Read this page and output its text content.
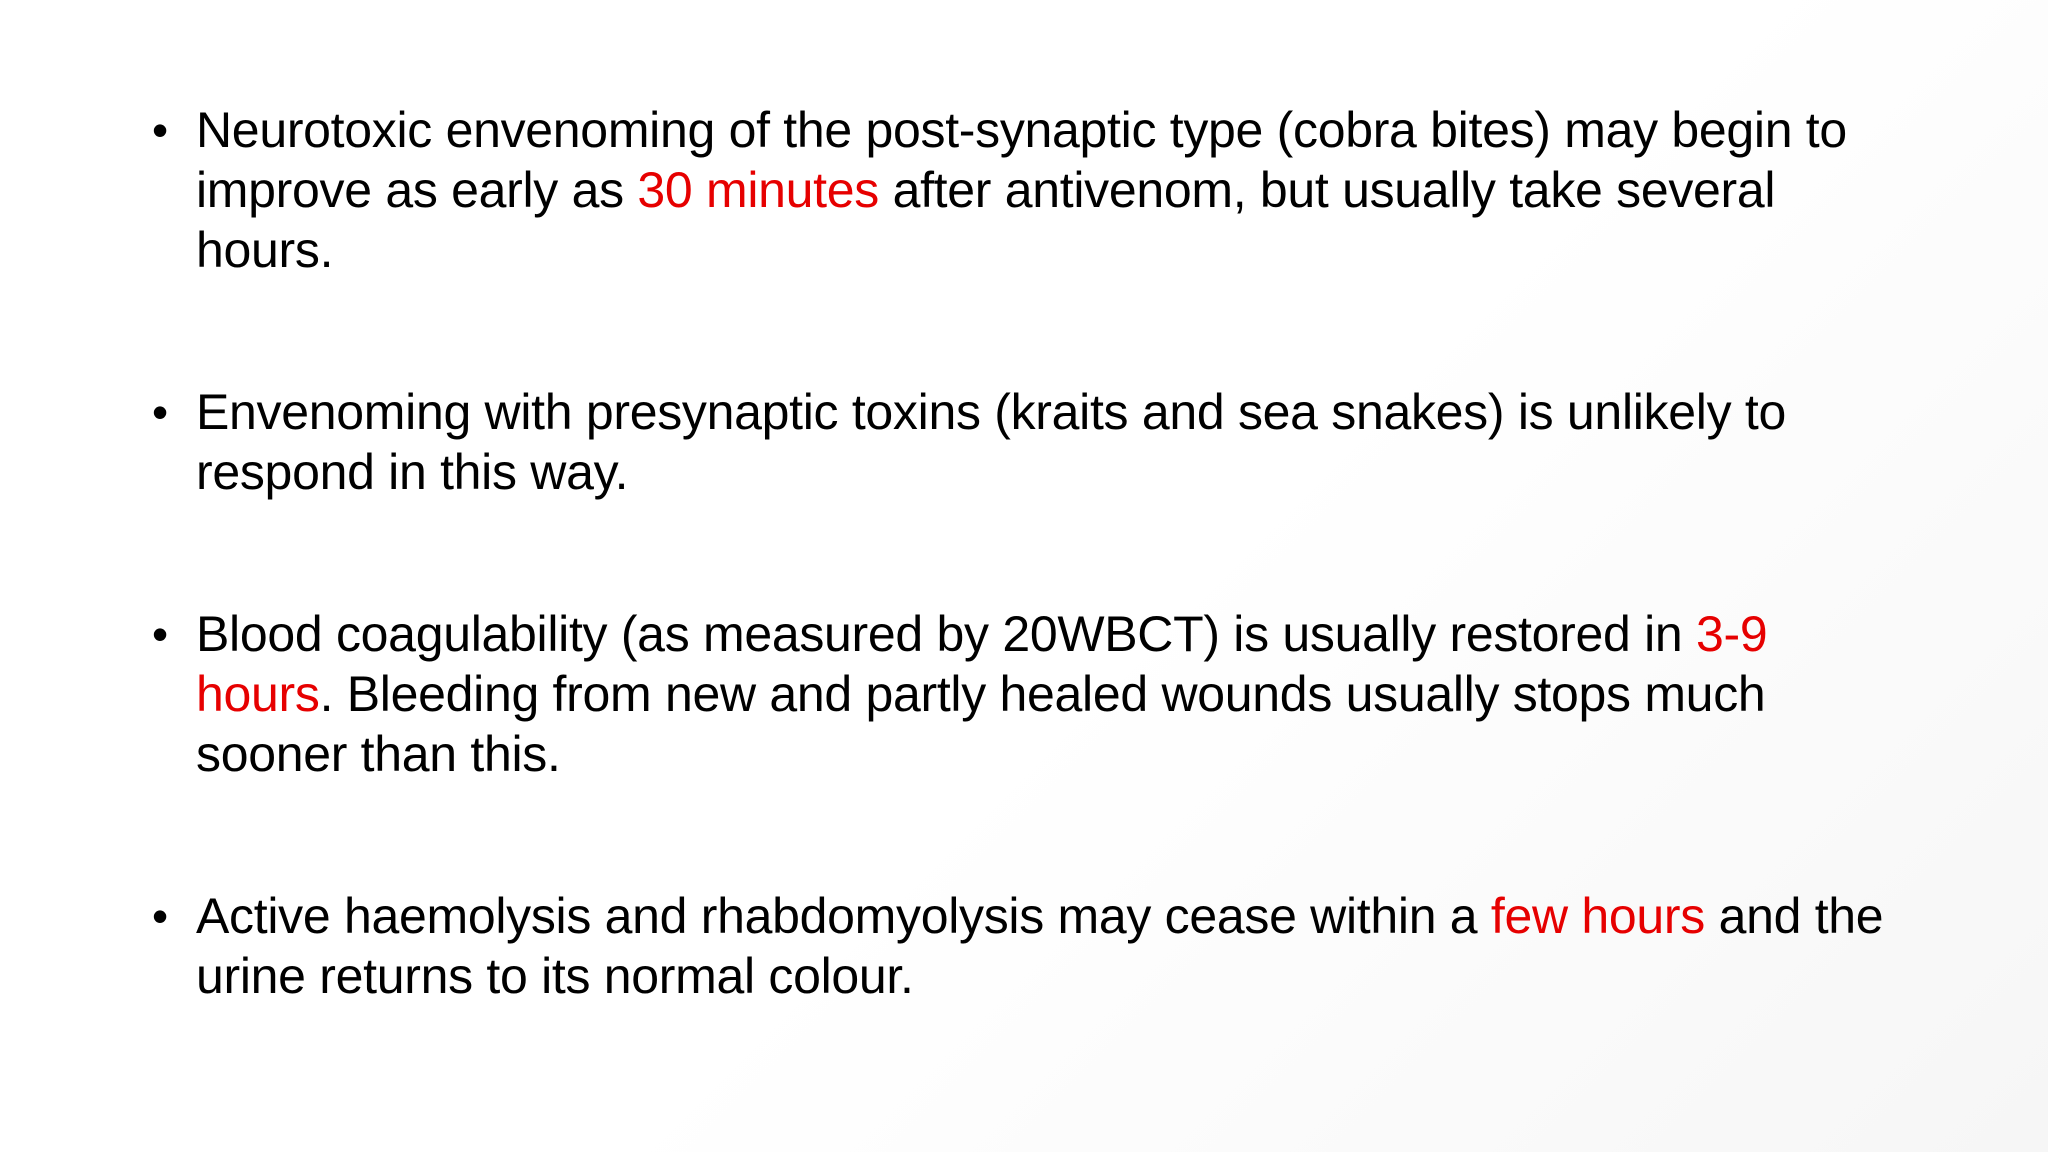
• Neurotoxic envenoming of the post-synaptic type (cobra bites) may begin to improve as early as 30 minutes after antivenom, but usually take several hours.
• Envenoming with presynaptic toxins (kraits and sea snakes) is unlikely to respond in this way.
• Blood coagulability (as measured by 20WBCT) is usually restored in 3-9 hours. Bleeding from new and partly healed wounds usually stops much sooner than this.
• Active haemolysis and rhabdomyolysis may cease within a few hours and the urine returns to its normal colour.
